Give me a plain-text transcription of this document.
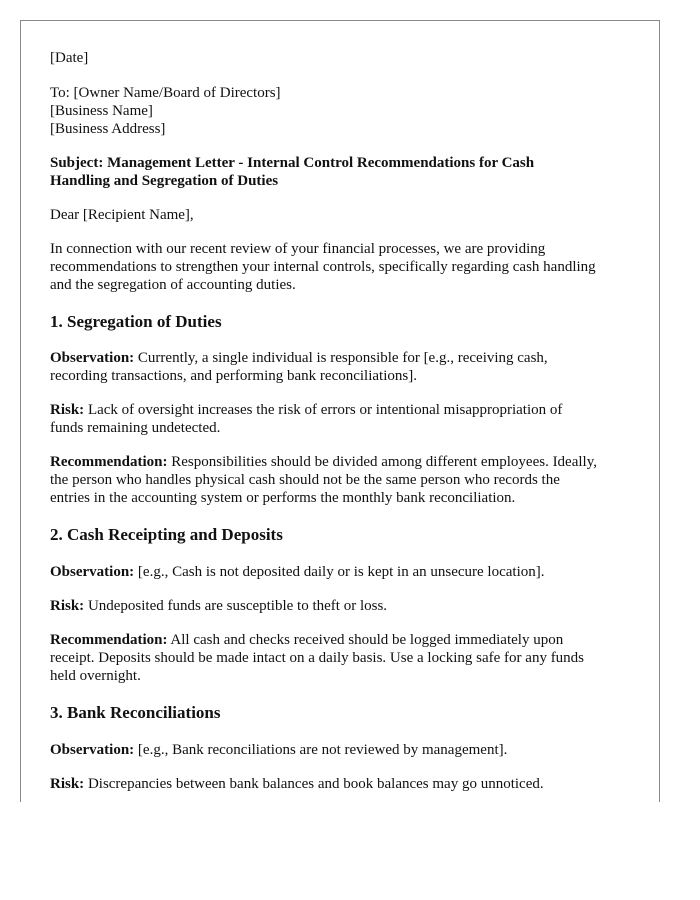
[Date]

To: [Owner Name/Board of Directors]
[Business Name]
[Business Address]

Subject: Management Letter - Internal Control Recommendations for Cash
Handling and Segregation of Duties

Dear [Recipient Name],

In connection with our recent review of your financial processes, we are providing
recommendations to strengthen your internal controls, specifically regarding cash handling
and the segregation of accounting duties.

1. Segregation of Duties

Observation: Currently, a single individual is responsible for [e.g., receiving cash,
recording transactions, and performing bank reconciliations].

Risk: Lack of oversight increases the risk of errors or intentional misappropriation of
funds remaining undetected.

Recommendation: Responsibilities should be divided among different employees. Ideally,
the person who handles physical cash should not be the same person who records the
entries in the accounting system or performs the monthly bank reconciliation.

2. Cash Receipting and Deposits

Observation: [e.g., Cash is not deposited daily or is kept in an unsecure location].

Risk: Undeposited funds are susceptible to theft or loss.

Recommendation: All cash and checks received should be logged immediately upon
receipt. Deposits should be made intact on a daily basis. Use a locking safe for any funds
held overnight.

3. Bank Reconciliations

Observation: [e.g., Bank reconciliations are not reviewed by management].

Risk: Discrepancies between bank balances and book balances may go unnoticed.
